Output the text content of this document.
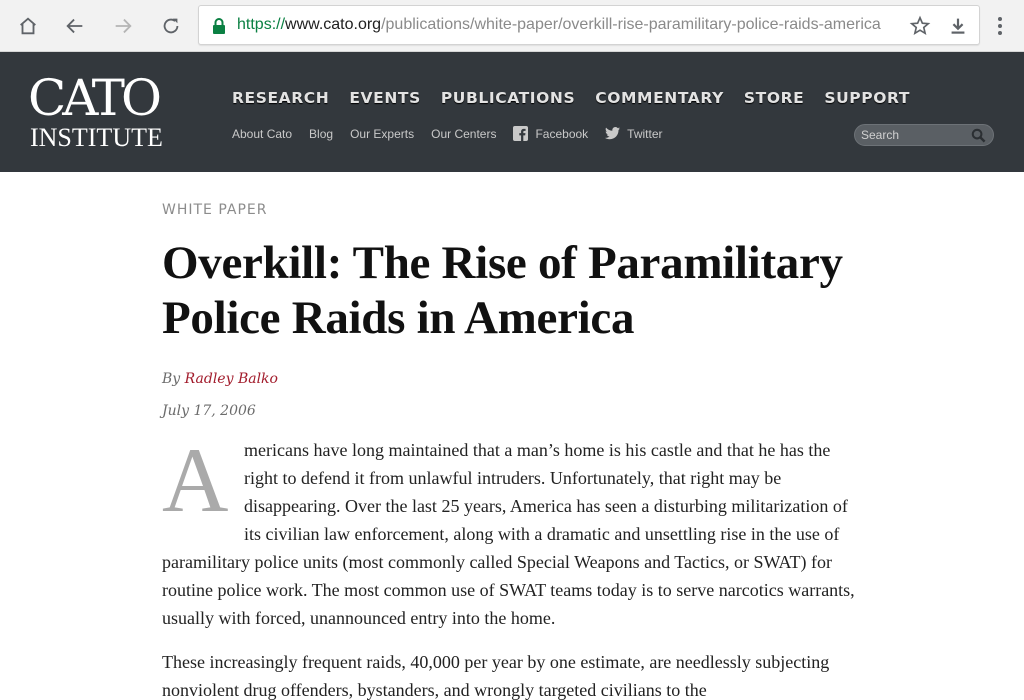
https://www.cato.org/publications/white-paper/overkill-rise-paramilitary-police-raids-america
CATO
INSTITUTE
RESEARCH EVENTS PUBLICATIONS COMMENTARY STORE SUPPORT
About Cato Blog Our Experts Our Centers	Facebook	Twitter
Search
WHITE PAPER
Overkill: The Rise of Paramilitary Police Raids in America
By Radley Balko
July 17, 2006

Americans have long maintained that a man’s home is his castle and that he has the right to defend it from unlawful intruders. Unfortunately, that right may be disappearing. Over the last 25 years, America has seen a disturbing militarization of its civilian law enforcement, along with a dramatic and unsettling rise in the use of paramilitary police units (most commonly called Special Weapons and Tactics, or SWAT) for routine police work. The most common use of SWAT teams today is to serve narcotics warrants, usually with forced, unannounced entry into the home.

These increasingly frequent raids, 40,000 per year by one estimate, are needlessly subjecting nonviolent drug offenders, bystanders, and wrongly targeted civilians to the
